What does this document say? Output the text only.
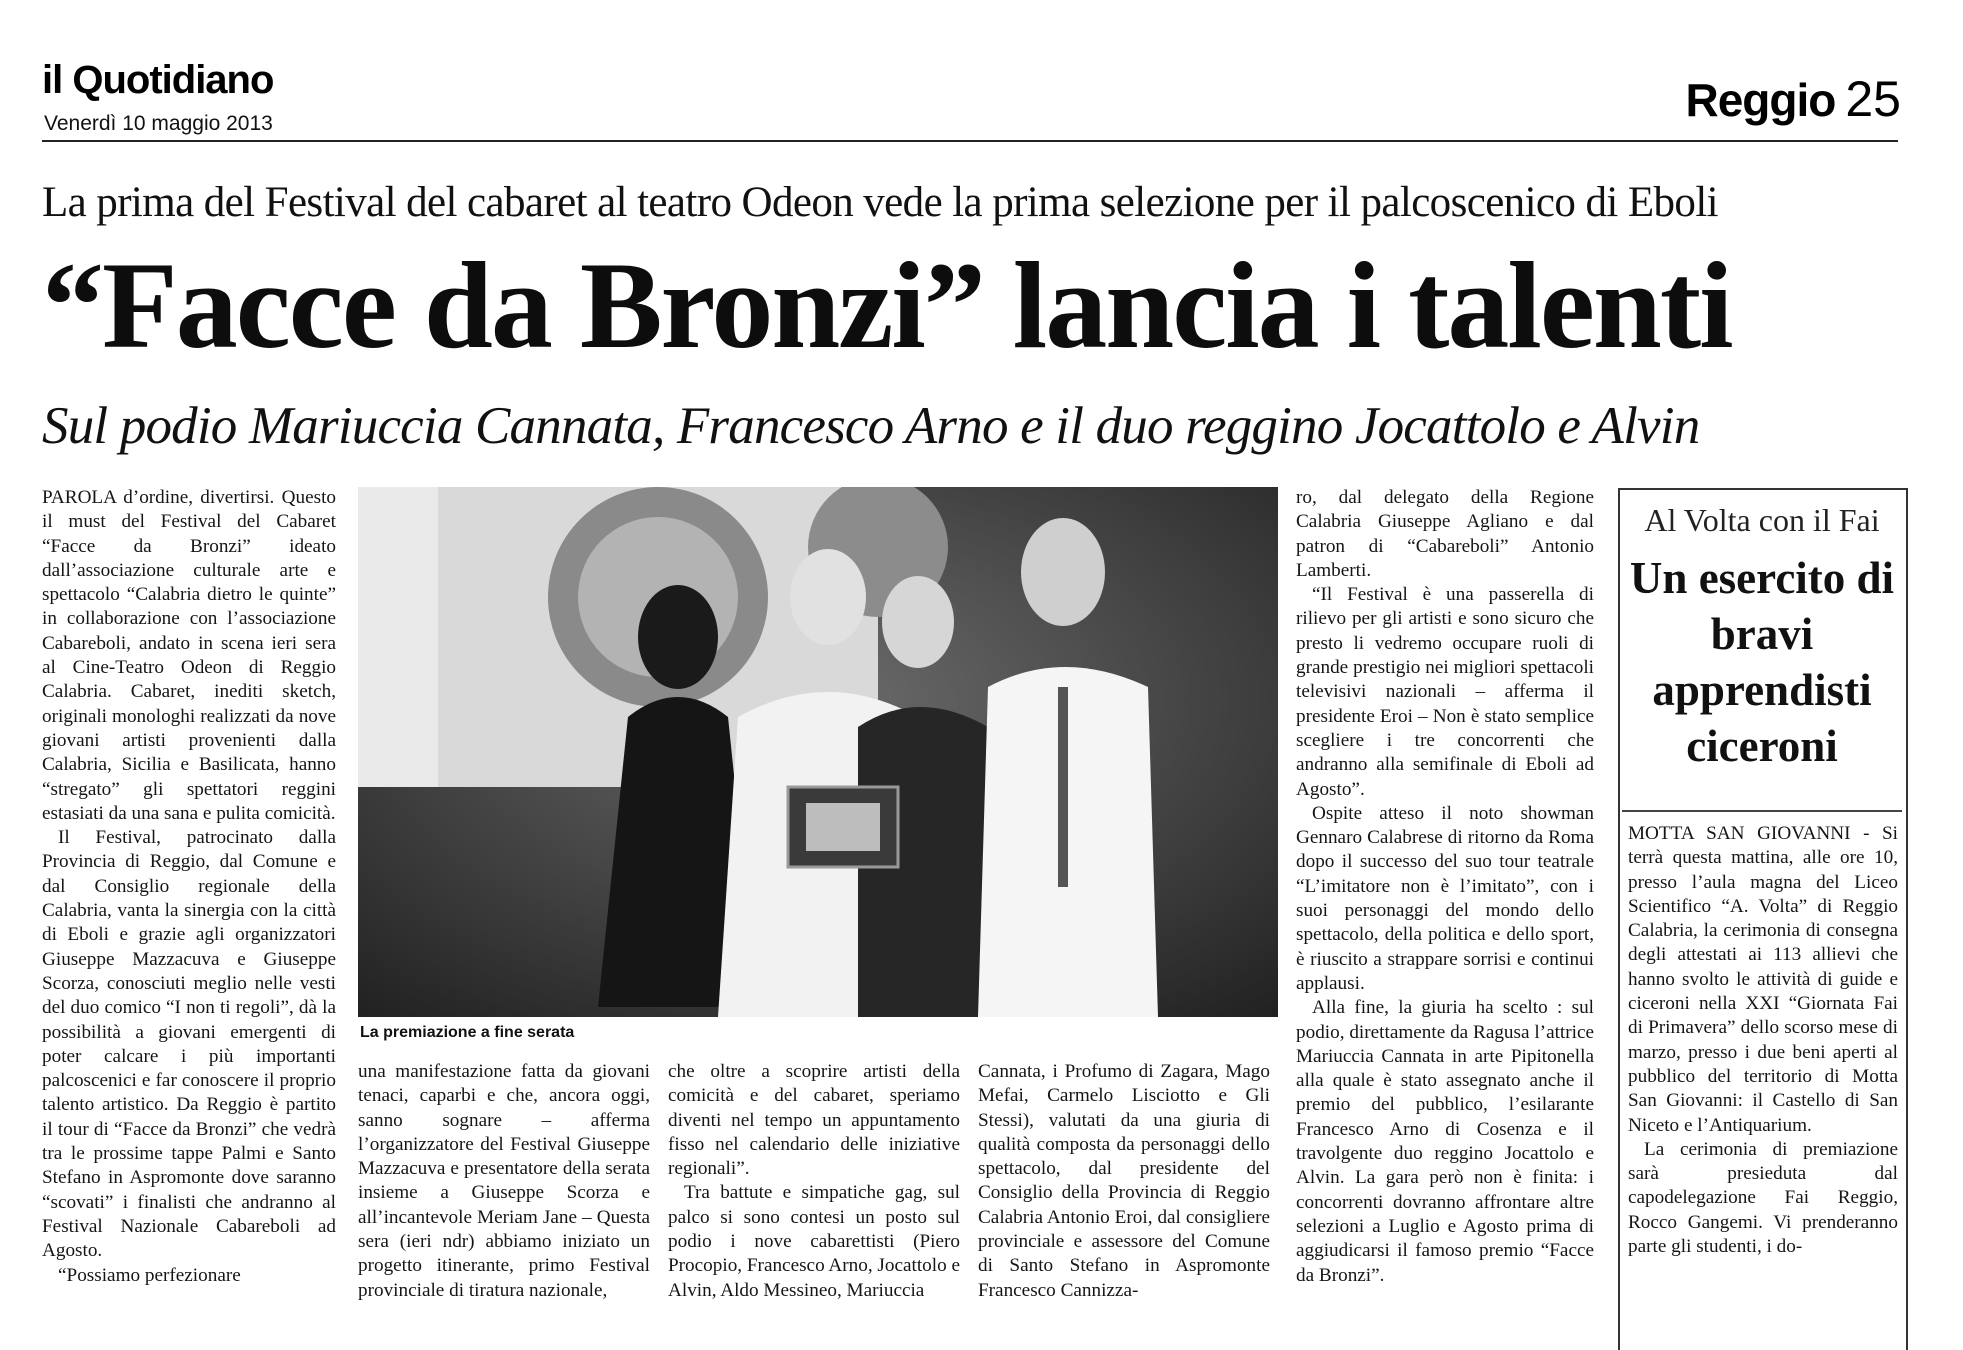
il Quotidiano
Venerdì 10 maggio 2013	Reggio 25
La prima del Festival del cabaret al teatro Odeon vede la prima selezione per il palcoscenico di Eboli
“Facce da Bronzi” lancia i talenti
Sul podio Mariuccia Cannata, Francesco Arno e il duo reggino Jocattolo e Alvin

PAROLA d’ordine, divertirsi. Questo il must del Festival del Cabaret “Facce da Bronzi” ideato dall’associazione culturale arte e spettacolo “Calabria dietro le quinte” in collaborazione con l’associazione Cabareboli, andato in scena ieri sera al Cine-Teatro Odeon di Reggio Calabria. Cabaret, inediti sketch, originali monologhi realizzati da nove giovani artisti provenienti dalla Calabria, Sicilia e Basilicata, hanno “stregato” gli spettatori reggini estasiati da una sana e pulita comicità.

Il Festival, patrocinato dalla Provincia di Reggio, dal Comune e dal Consiglio regionale della Calabria, vanta la sinergia con la città di Eboli e grazie agli organizzatori Giuseppe Mazzacuva e Giuseppe Scorza, conosciuti meglio nelle vesti del duo comico “I non ti regoli”, dà la possibilità a giovani emergenti di poter calcare i più importanti palcoscenici e far conoscere il proprio talento artistico. Da Reggio è partito il tour di “Facce da Bronzi” che vedrà tra le prossime tappe Palmi e Santo Stefano in Aspromonte dove saranno “scovati” i finalisti che andranno al Festival Nazionale Cabareboli ad Agosto.

“Possiamo perfezionare

La premiazione a fine serata

una manifestazione fatta da giovani tenaci, caparbi e che, ancora oggi, sanno sognare – afferma l’organizzatore del Festival Giuseppe Mazzacuva e presentatore della serata insieme a Giuseppe Scorza e all’incantevole Meriam Jane – Questa sera (ieri ndr) abbiamo iniziato un progetto itinerante, primo Festival provinciale di tiratura nazionale,

che oltre a scoprire artisti della comicità e del cabaret, speriamo diventi nel tempo un appuntamento fisso nel calendario delle iniziative regionali”.

Tra battute e simpatiche gag, sul palco si sono contesi un posto sul podio i nove cabarettisti (Piero Procopio, Francesco Arno, Jocattolo e Alvin, Aldo Messineo, Mariuccia

Cannata, i Profumo di Zagara, Mago Mefai, Carmelo Lisciotto e Gli Stessi), valutati da una giuria di qualità composta da personaggi dello spettacolo, dal presidente del Consiglio della Provincia di Reggio Calabria Antonio Eroi, dal consigliere provinciale e assessore del Comune di Santo Stefano in Aspromonte Francesco Cannizza-

ro, dal delegato della Regione Calabria Giuseppe Agliano e dal patron di “Cabareboli” Antonio Lamberti.

“Il Festival è una passerella di rilievo per gli artisti e sono sicuro che presto li vedremo occupare ruoli di grande prestigio nei migliori spettacoli televisivi nazionali – afferma il presidente Eroi – Non è stato semplice scegliere i tre concorrenti che andranno alla semifinale di Eboli ad Agosto”.

Ospite atteso il noto showman Gennaro Calabrese di ritorno da Roma dopo il successo del suo tour teatrale “L’imitatore non è l’imitato”, con i suoi personaggi del mondo dello spettacolo, della politica e dello sport, è riuscito a strappare sorrisi e continui applausi.

Alla fine, la giuria ha scelto : sul podio, direttamente da Ragusa l’attrice Mariuccia Cannata in arte Pipitonella alla quale è stato assegnato anche il premio del pubblico, l’esilarante Francesco Arno di Cosenza e il travolgente duo reggino Jocattolo e Alvin. La gara però non è finita: i concorrenti dovranno affrontare altre selezioni a Luglio e Agosto prima di aggiudicarsi il famoso premio “Facce da Bronzi”.

Al Volta con il Fai
Un esercito di bravi apprendisti ciceroni

MOTTA SAN GIOVANNI - Si terrà questa mattina, alle ore 10, presso l’aula magna del Liceo Scientifico “A. Volta” di Reggio Calabria, la cerimonia di consegna degli attestati ai 113 allievi che hanno svolto le attività di guide e ciceroni nella XXI “Giornata Fai di Primavera” dello scorso mese di marzo, presso i due beni aperti al pubblico del territorio di Motta San Giovanni: il Castello di San Niceto e l’Antiquarium.

La cerimonia di premiazione sarà presieduta dal capodelegazione Fai Reggio, Rocco Gangemi. Vi prenderanno parte gli studenti, i do-
